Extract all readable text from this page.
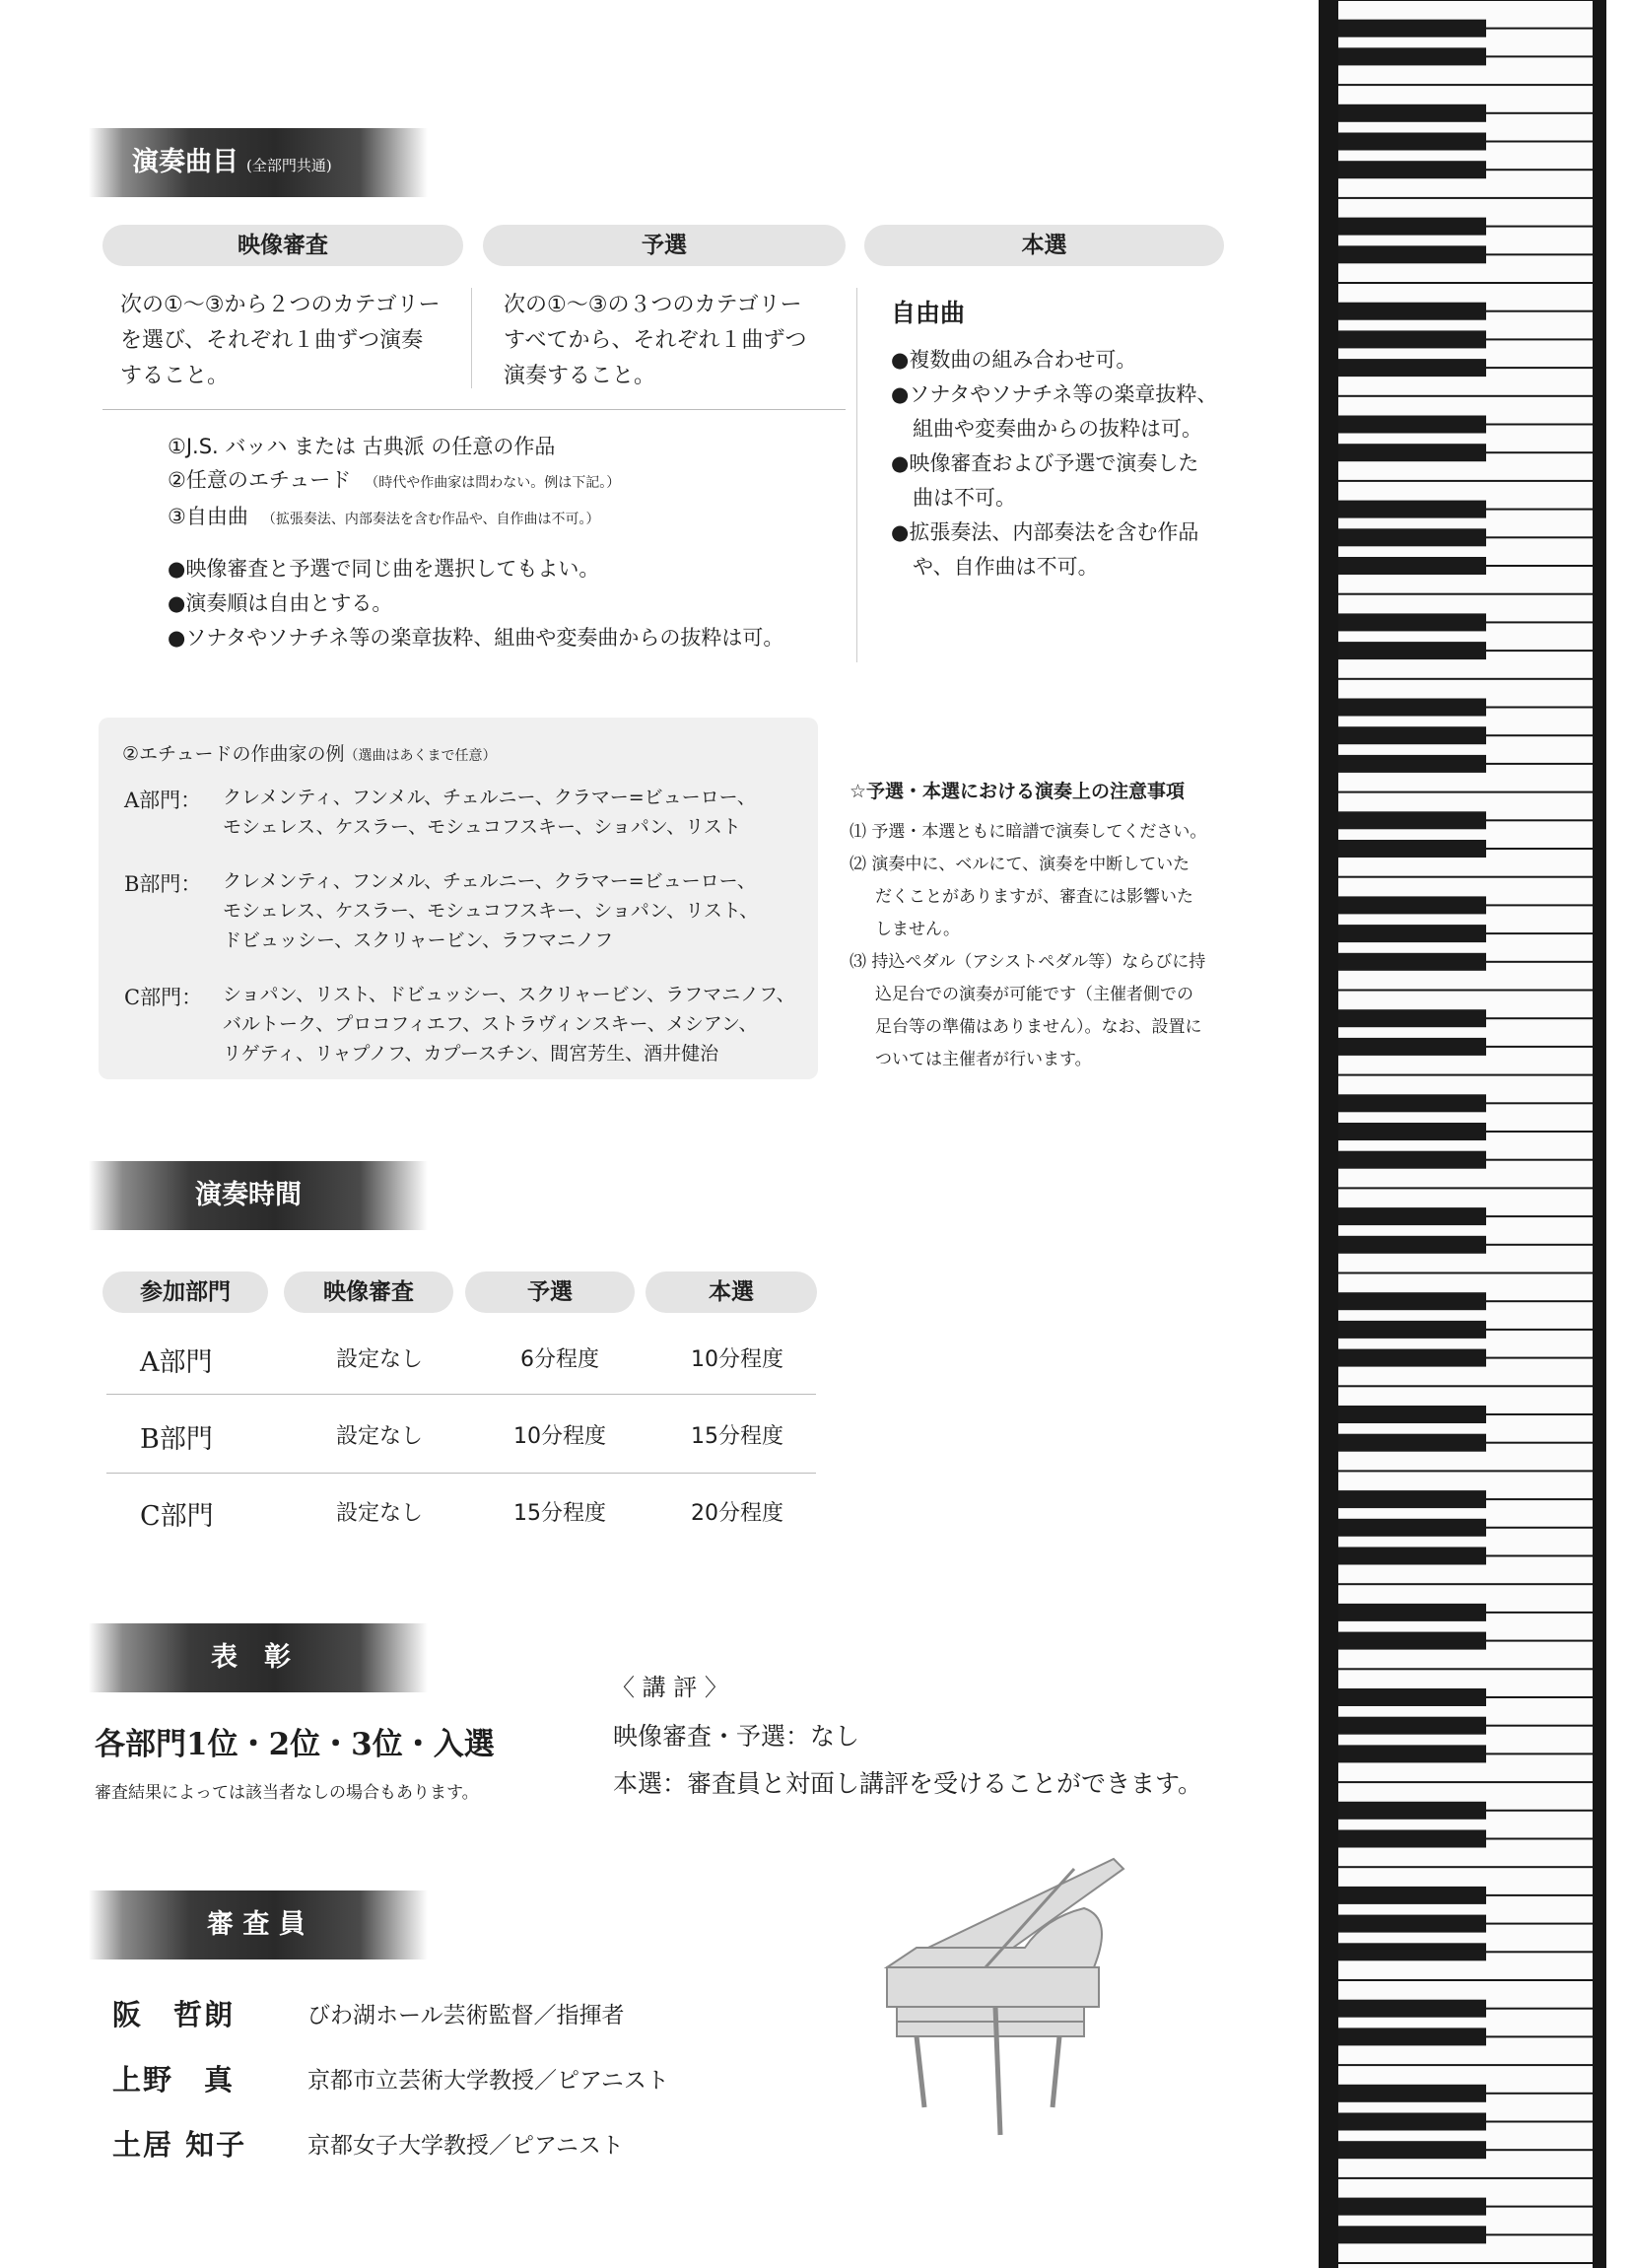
演奏曲目 (全部門共通)
映像審査	予選	本選
次の①〜③から２つのカテゴリー
を選び、それぞれ１曲ずつ演奏
すること。
次の①〜③の３つのカテゴリー
すべてから、それぞれ１曲ずつ
演奏すること。
①J.S. バッハ または 古典派 の任意の作品
②任意のエチュード （時代や作曲家は問わない。例は下記。）
③自由曲 （拡張奏法、内部奏法を含む作品や、自作曲は不可。）
●映像審査と予選で同じ曲を選択してもよい。
●演奏順は自由とする。
●ソナタやソナチネ等の楽章抜粋、組曲や変奏曲からの抜粋は可。
自由曲
●複数曲の組み合わせ可。
●ソナタやソナチネ等の楽章抜粋、
組曲や変奏曲からの抜粋は可。
●映像審査および予選で演奏した
曲は不可。
●拡張奏法、内部奏法を含む作品
や、自作曲は不可。
②エチュードの作曲家の例（選曲はあくまで任意）
A部門： クレメンティ、フンメル、チェルニー、クラマー=ビューロー、
モシェレス、ケスラー、モシュコフスキー、ショパン、リスト
B部門： クレメンティ、フンメル、チェルニー、クラマー=ビューロー、
モシェレス、ケスラー、モシュコフスキー、ショパン、リスト、
ドビュッシー、スクリャービン、ラフマニノフ
C部門： ショパン、リスト、ドビュッシー、スクリャービン、ラフマニノフ、
バルトーク、プロコフィエフ、ストラヴィンスキー、メシアン、
リゲティ、リャプノフ、カプースチン、間宮芳生、酒井健治
☆予選・本選における演奏上の注意事項
⑴ 予選・本選ともに暗譜で演奏してください。
⑵ 演奏中に、ベルにて、演奏を中断していた
だくことがありますが、審査には影響いた
しません。
⑶ 持込ペダル（アシストペダル等）ならびに持
込足台での演奏が可能です（主催者側での
足台等の準備はありません）。なお、設置に
ついては主催者が行います。
演奏時間
参加部門	映像審査	予選	本選
A部門	設定なし	6分程度	10分程度
B部門	設定なし	10分程度	15分程度
C部門	設定なし	15分程度	20分程度
表　彰
各部門1位・2位・3位・入選
審査結果によっては該当者なしの場合もあります。
〈 講 評 〉
映像審査・予選：なし
本選：審査員と対面し講評を受けることができます。
審 査 員
阪　哲朗	びわ湖ホール芸術監督／指揮者
上野　真	京都市立芸術大学教授／ピアニスト
土居 知子	京都女子大学教授／ピアニスト
